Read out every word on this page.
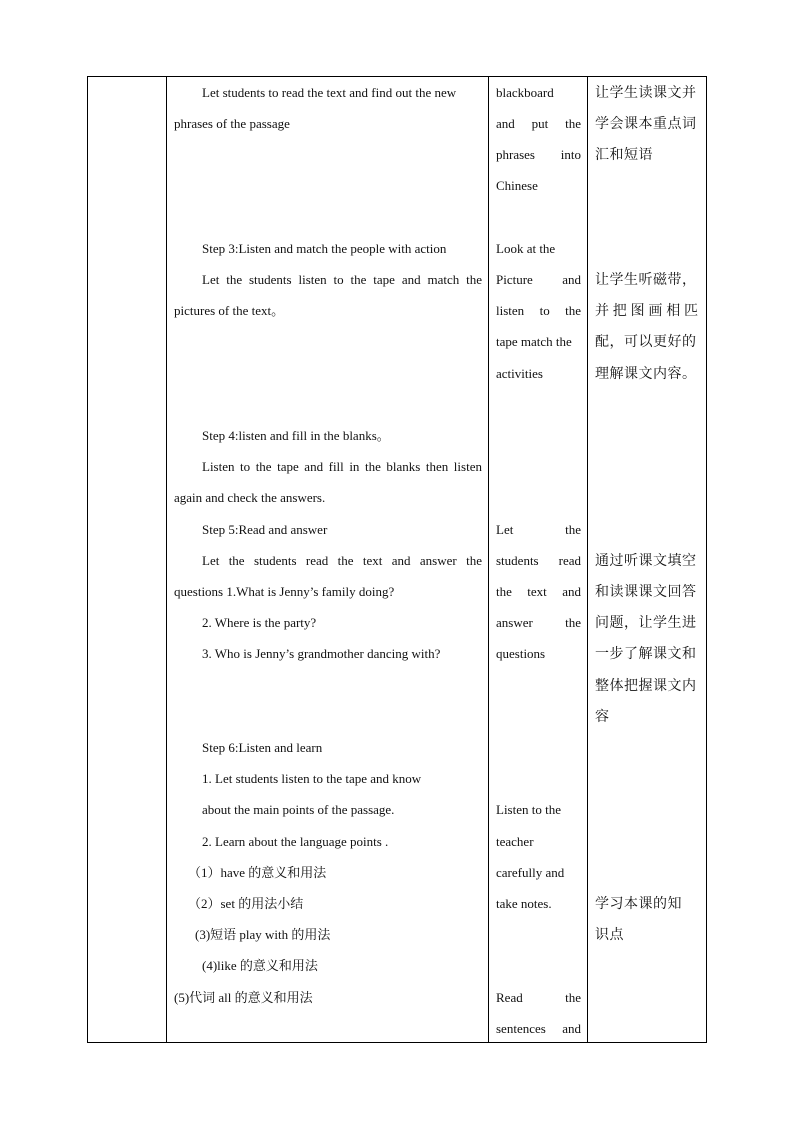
Let students to read the text and find out the new
phrases of the passage
Step 3:Listen and match the people with action
Let the students listen to the tape and match the
pictures of the text。
Step 4:listen and fill in the blanks。
Listen to the tape and fill in the blanks then listen
again and check the answers.
Step 5:Read and answer
Let the students read the text and answer the
questions 1.What is Jenny’s family doing?
2. Where is the party?
3. Who is Jenny’s grandmother dancing with?
Step 6:Listen and learn
1. Let students listen to the tape and know
about the main points of the passage.
2. Learn about the language points .
（1）have 的意义和用法
（2）set 的用法小结
(3)短语 play with 的用法
(4)like 的意义和用法
(5)代词 all 的意义和用法
blackboard
and put the
phrases into
Chinese
Look at the
Picture and
listen to the
tape match the
activities
Let	the
students read
the text and
answer the
questions
Listen to the
teacher
carefully and
take notes.
Read	the
sentences and
让学生读课文并
学会课本重点词
汇和短语
让学生听磁带，
并 把 图 画 相 匹
配，可以更好的
理解课文内容。
通过听课文填空
和读课课文回答
问题，让学生进
一步了解课文和
整体把握课文内
容
学习本课的知
识点
